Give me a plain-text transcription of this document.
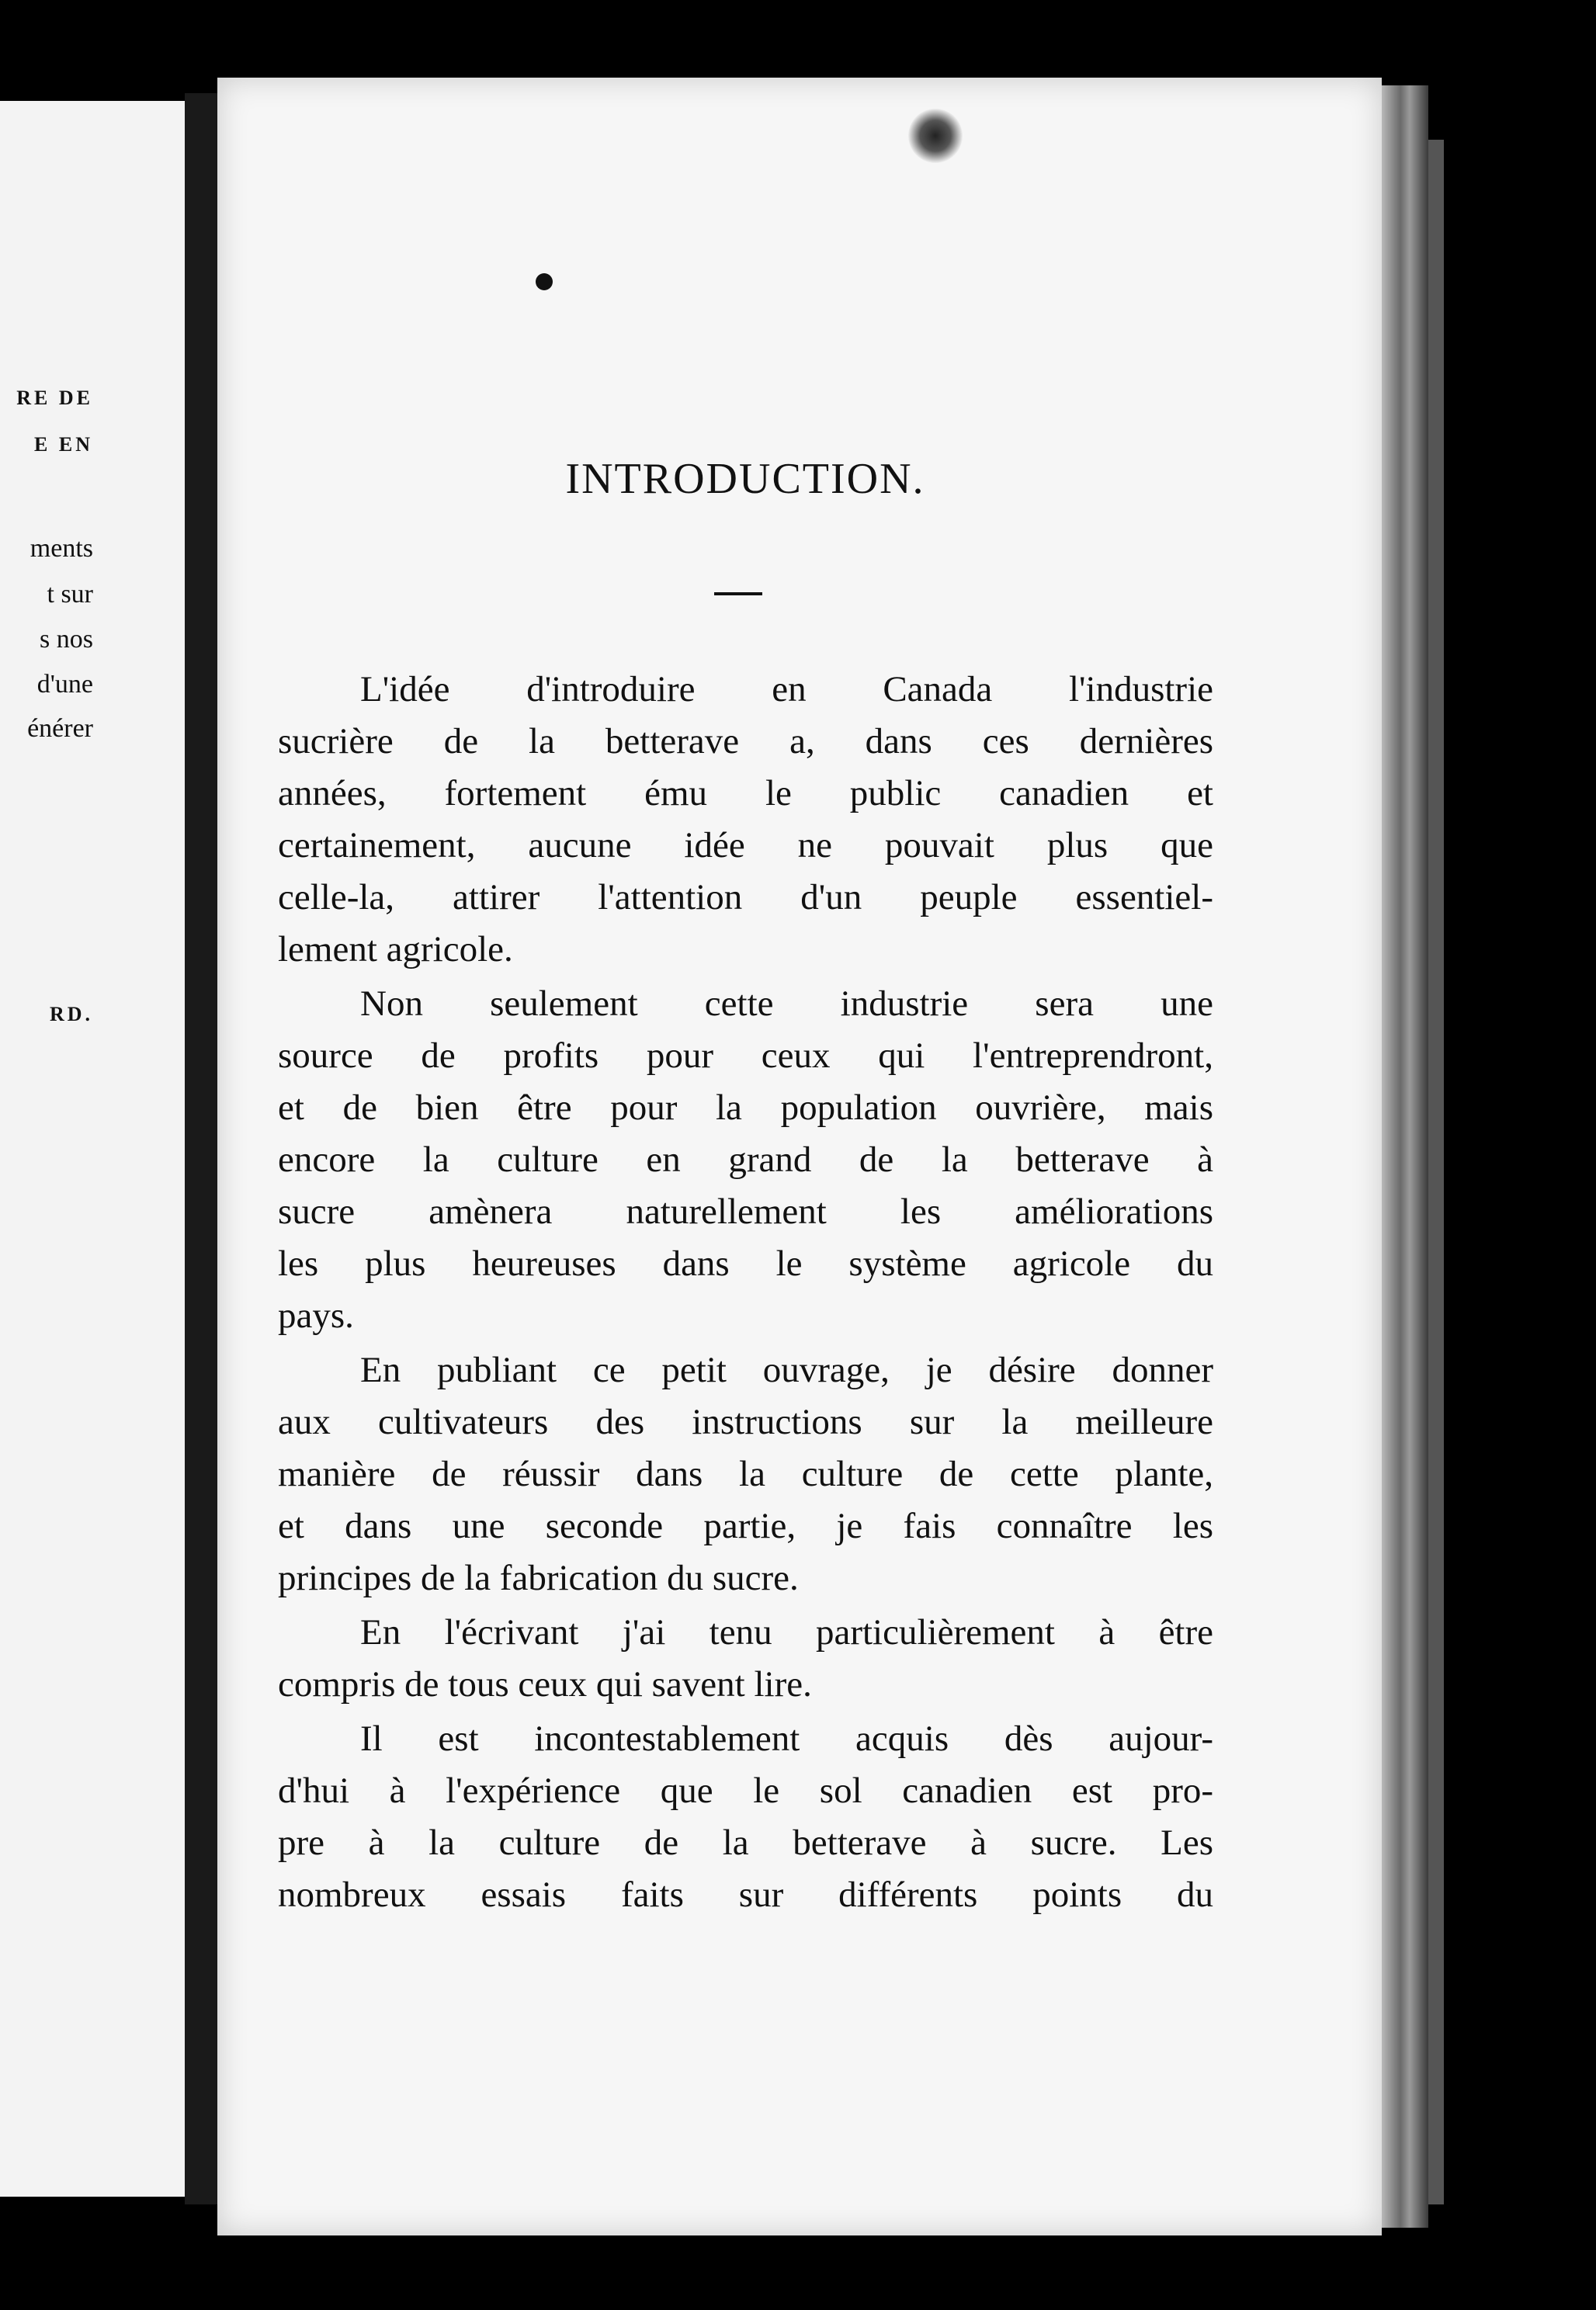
RE DE
E EN
ments
t sur
s nos
d'une
énérer
RD.
INTRODUCTION.
L'idée d'introduire en Canada l'industrie
sucrière de la betterave a, dans ces dernières
années, fortement ému le public canadien et
certainement, aucune idée ne pouvait plus que
celle-la, attirer l'attention d'un peuple essentiel-
lement agricole.
Non seulement cette industrie sera une
source de profits pour ceux qui l'entreprendront,
et de bien être pour la population ouvrière, mais
encore la culture en grand de la betterave à
sucre amènera naturellement les améliorations
les plus heureuses dans le système agricole du
pays.
En publiant ce petit ouvrage, je désire donner
aux cultivateurs des instructions sur la meilleure
manière de réussir dans la culture de cette plante,
et dans une seconde partie, je fais connaître les
principes de la fabrication du sucre.
En l'écrivant j'ai tenu particulièrement à être
compris de tous ceux qui savent lire.
Il est incontestablement acquis dès aujour-
d'hui à l'expérience que le sol canadien est pro-
pre à la culture de la betterave à sucre. Les
nombreux essais faits sur différents points du
